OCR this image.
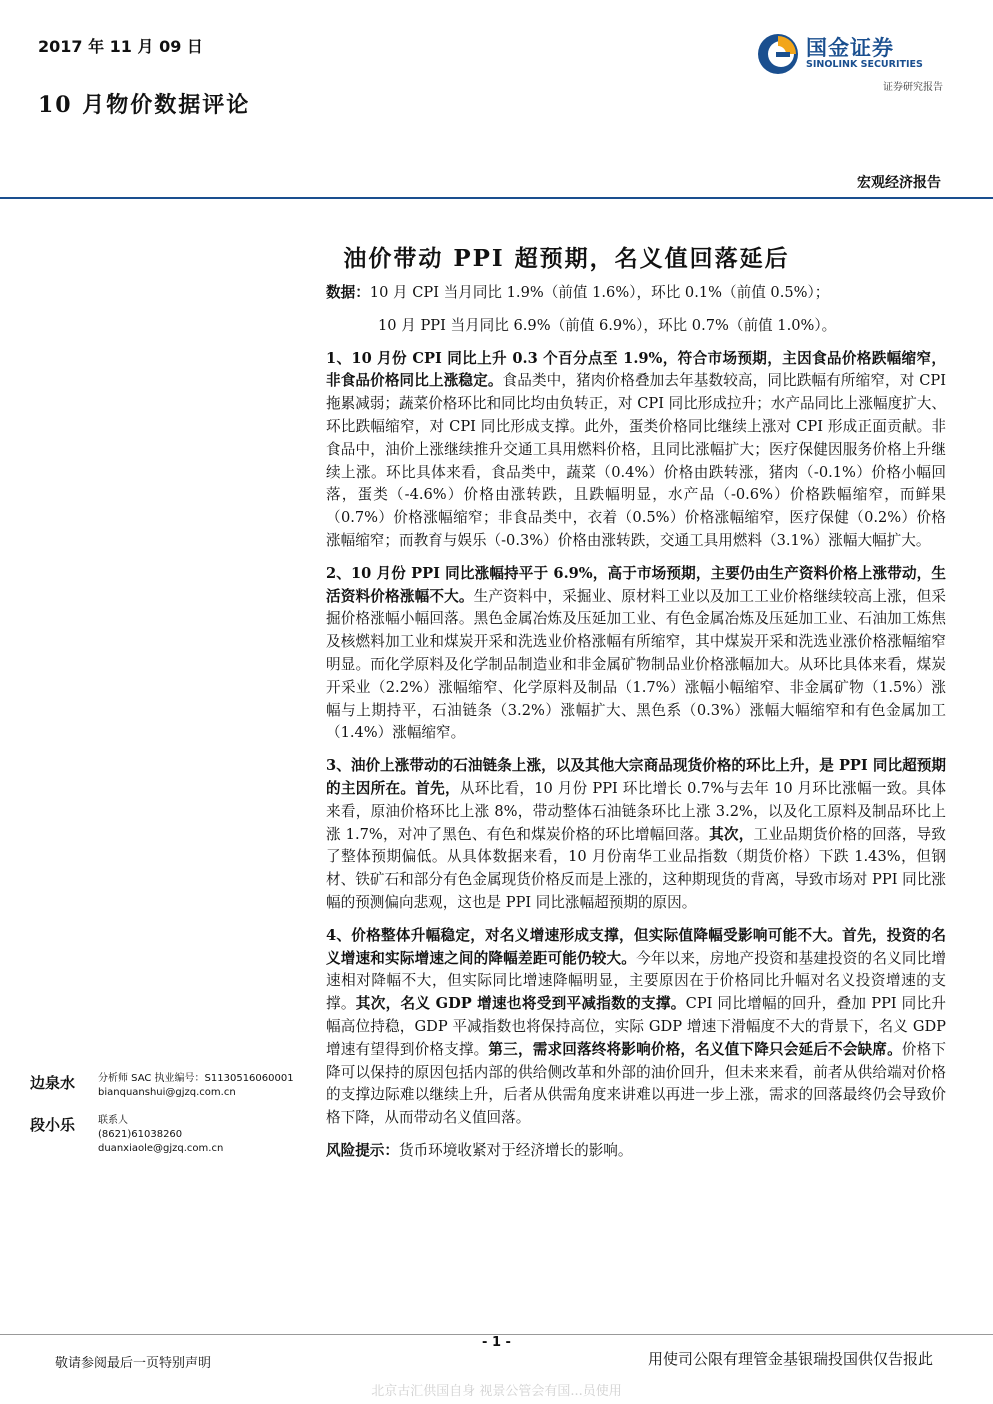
2017 年 11 月 09 日
10 月物价数据评论
国金证券
SINOLINK SECURITIES
证券研究报告
宏观经济报告
油价带动 PPI 超预期，名义值回落延后

数据：10 月 CPI 当月同比 1.9%（前值 1.6%），环比 0.1%（前值 0.5%）；

10 月 PPI 当月同比 6.9%（前值 6.9%），环比 0.7%（前值 1.0%）。

1、10 月份 CPI 同比上升 0.3 个百分点至 1.9%，符合市场预期，主因食品价格跌幅缩窄，非食品价格同比上涨稳定。食品类中，猪肉价格叠加去年基数较高，同比跌幅有所缩窄，对 CPI 拖累减弱；蔬菜价格环比和同比均由负转正，对 CPI 同比形成拉升；水产品同比上涨幅度扩大、环比跌幅缩窄，对 CPI 同比形成支撑。此外，蛋类价格同比继续上涨对 CPI 形成正面贡献。非食品中，油价上涨继续推升交通工具用燃料价格，且同比涨幅扩大；医疗保健因服务价格上升继续上涨。环比具体来看，食品类中，蔬菜（0.4%）价格由跌转涨，猪肉（-0.1%）价格小幅回落，蛋类（-4.6%）价格由涨转跌，且跌幅明显，水产品（-0.6%）价格跌幅缩窄，而鲜果（0.7%）价格涨幅缩窄；非食品类中，衣着（0.5%）价格涨幅缩窄，医疗保健（0.2%）价格涨幅缩窄；而教育与娱乐（-0.3%）价格由涨转跌，交通工具用燃料（3.1%）涨幅大幅扩大。

2、10 月份 PPI 同比涨幅持平于 6.9%，高于市场预期，主要仍由生产资料价格上涨带动，生活资料价格涨幅不大。生产资料中，采掘业、原材料工业以及加工工业价格继续较高上涨，但采掘价格涨幅小幅回落。黑色金属冶炼及压延加工业、有色金属冶炼及压延加工业、石油加工炼焦及核燃料加工业和煤炭开采和洗选业价格涨幅有所缩窄，其中煤炭开采和洗选业涨价格涨幅缩窄明显。而化学原料及化学制品制造业和非金属矿物制品业价格涨幅加大。从环比具体来看，煤炭开采业（2.2%）涨幅缩窄、化学原料及制品（1.7%）涨幅小幅缩窄、非金属矿物（1.5%）涨幅与上期持平，石油链条（3.2%）涨幅扩大、黑色系（0.3%）涨幅大幅缩窄和有色金属加工（1.4%）涨幅缩窄。

3、油价上涨带动的石油链条上涨，以及其他大宗商品现货价格的环比上升，是 PPI 同比超预期的主因所在。首先，从环比看，10 月份 PPI 环比增长 0.7%与去年 10 月环比涨幅一致。具体来看，原油价格环比上涨 8%，带动整体石油链条环比上涨 3.2%，以及化工原料及制品环比上涨 1.7%，对冲了黑色、有色和煤炭价格的环比增幅回落。其次，工业品期货价格的回落，导致了整体预期偏低。从具体数据来看，10 月份南华工业品指数（期货价格）下跌 1.43%，但钢材、铁矿石和部分有色金属现货价格反而是上涨的，这种期现货的背离，导致市场对 PPI 同比涨幅的预测偏向悲观，这也是 PPI 同比涨幅超预期的原因。

4、价格整体升幅稳定，对名义增速形成支撑，但实际值降幅受影响可能不大。首先，投资的名义增速和实际增速之间的降幅差距可能仍较大。今年以来，房地产投资和基建投资的名义同比增速相对降幅不大，但实际同比增速降幅明显，主要原因在于价格同比升幅对名义投资增速的支撑。其次，名义 GDP 增速也将受到平减指数的支撑。CPI 同比增幅的回升，叠加 PPI 同比升幅高位持稳，GDP 平减指数也将保持高位，实际 GDP 增速下滑幅度不大的背景下，名义 GDP 增速有望得到价格支撑。第三，需求回落终将影响价格，名义值下降只会延后不会缺席。价格下降可以保持的原因包括内部的供给侧改革和外部的油价回升，但未来来看，前者从供给端对价格的支撑边际难以继续上升，后者从供需角度来讲难以再进一步上涨，需求的回落最终仍会导致价格下降，从而带动名义值回落。

风险提示：货币环境收紧对于经济增长的影响。

边泉水	分析师 SAC 执业编号：S1130516060001
bianquanshui@gjzq.com.cn
段小乐	联系人
(8621)61038260
duanxiaole@gjzq.com.cn
- 1 -
敬请参阅最后一页特别声明	用使司公限有理管金基银瑞投国供仅告报此
北京古汇供国自身 视景公管会有国...员使用
